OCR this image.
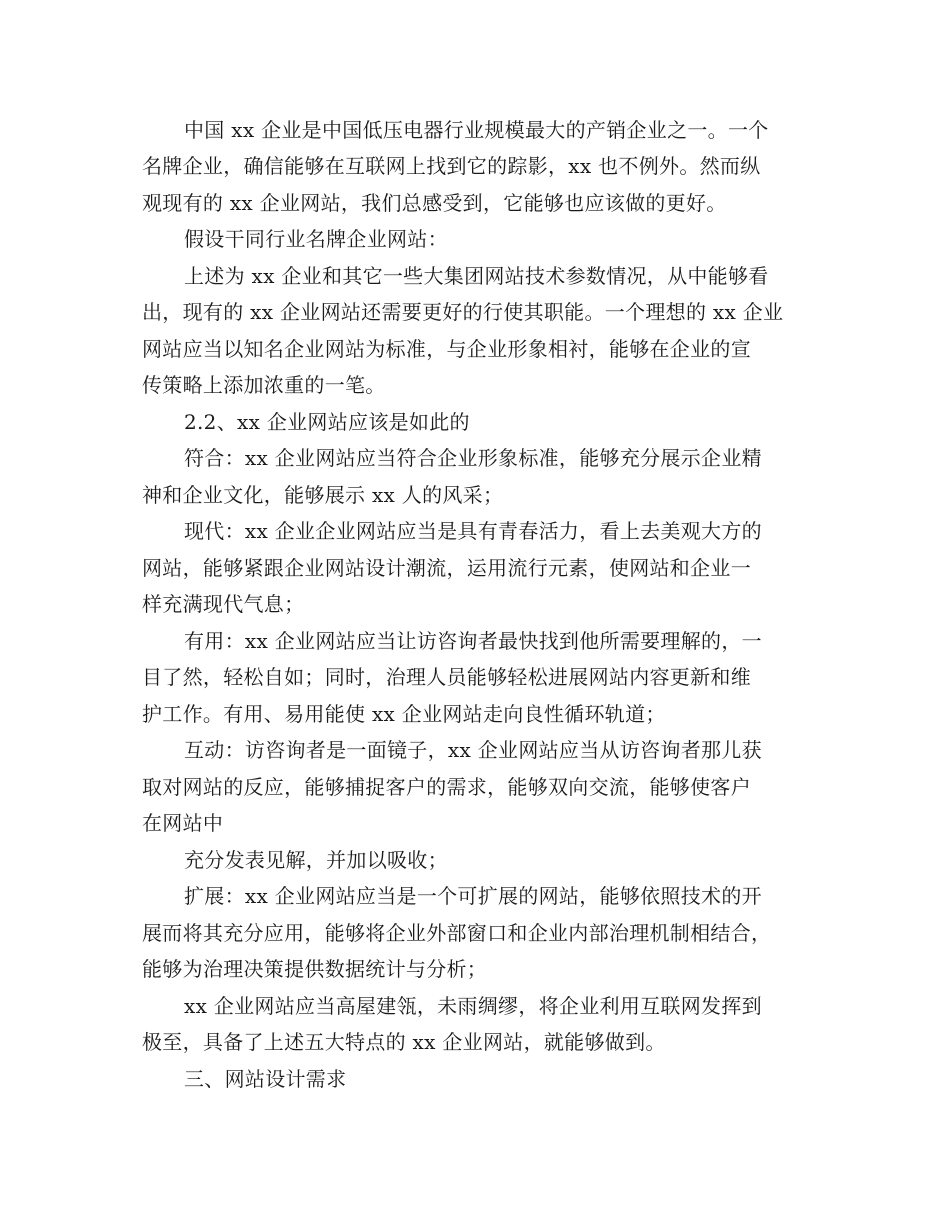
中国 xx 企业是中国低压电器行业规模最大的产销企业之一。一个

名牌企业，确信能够在互联网上找到它的踪影，xx 也不例外。然而纵

观现有的 xx 企业网站，我们总感受到，它能够也应该做的更好。

假设干同行业名牌企业网站：

上述为 xx 企业和其它一些大集团网站技术参数情况，从中能够看

出，现有的 xx 企业网站还需要更好的行使其职能。一个理想的 xx 企业

网站应当以知名企业网站为标准，与企业形象相衬，能够在企业的宣

传策略上添加浓重的一笔。

2.2、xx 企业网站应该是如此的

符合：xx 企业网站应当符合企业形象标准，能够充分展示企业精

神和企业文化，能够展示 xx 人的风采；

现代：xx 企业企业网站应当是具有青春活力，看上去美观大方的

网站，能够紧跟企业网站设计潮流，运用流行元素，使网站和企业一

样充满现代气息；

有用：xx 企业网站应当让访咨询者最快找到他所需要理解的，一

目了然，轻松自如；同时，治理人员能够轻松进展网站内容更新和维

护工作。有用、易用能使 xx 企业网站走向良性循环轨道；

互动：访咨询者是一面镜子，xx 企业网站应当从访咨询者那儿获

取对网站的反应，能够捕捉客户的需求，能够双向交流，能够使客户

在网站中

充分发表见解，并加以吸收；

扩展：xx 企业网站应当是一个可扩展的网站，能够依照技术的开

展而将其充分应用，能够将企业外部窗口和企业内部治理机制相结合，

能够为治理决策提供数据统计与分析；

xx 企业网站应当高屋建瓴，未雨绸缪，将企业利用互联网发挥到

极至，具备了上述五大特点的 xx 企业网站，就能够做到。

三、网站设计需求
